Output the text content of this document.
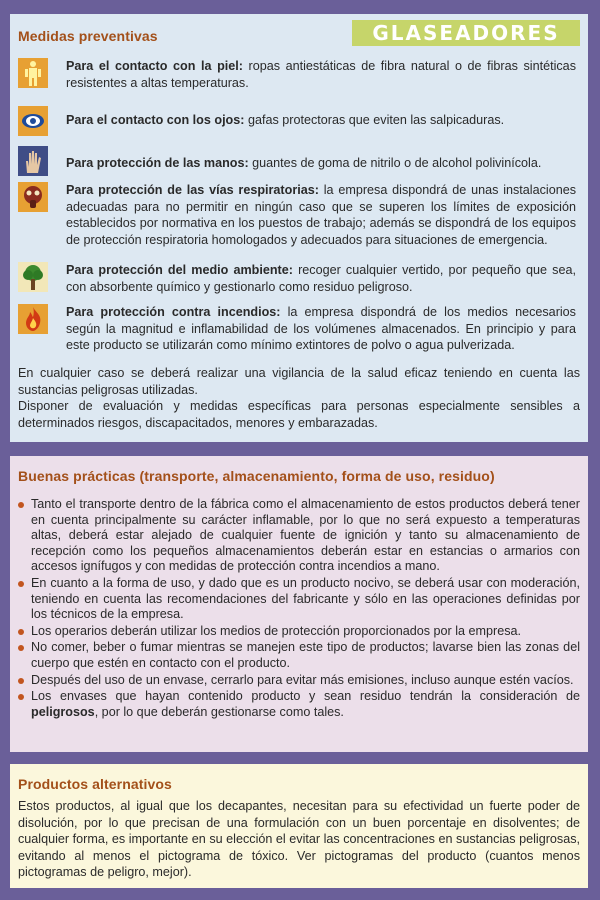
Medidas preventivas	GLASEADORES
Para el contacto con la piel: ropas antiestáticas de fibra natural o de fibras sintéticas resistentes a altas temperaturas.
Para el contacto con los ojos: gafas protectoras que eviten las salpicaduras.
Para protección de las manos: guantes de goma de nitrilo o de alcohol polivinícola.
Para protección de las vías respiratorias: la empresa dispondrá de unas instalaciones adecuadas para no permitir en ningún caso que se superen los límites de exposición establecidos por normativa en los puestos de trabajo; además se dispondrá de los equipos de protección respiratoria homologados y adecuados para situaciones de emergencia.
Para protección del medio ambiente: recoger cualquier vertido, por pequeño que sea, con absorbente químico y gestionarlo como residuo peligroso.
Para protección contra incendios: la empresa dispondrá de los medios necesarios según la magnitud e inflamabilidad de los volúmenes almacenados. En principio y para este producto se utilizarán como mínimo extintores de polvo o agua pulverizada.
En cualquier caso se deberá realizar una vigilancia de la salud eficaz teniendo en cuenta las sustancias peligrosas utilizadas.
Disponer de evaluación y medidas específicas para personas especialmente sensibles a determinados riesgos, discapacitados, menores y embarazadas.
Buenas prácticas (transporte, almacenamiento, forma de uso, residuo)
Tanto el transporte dentro de la fábrica como el almacenamiento de estos productos deberá tener en cuenta principalmente su carácter inflamable, por lo que no será expuesto a temperaturas altas, deberá estar alejado de cualquier fuente de ignición y tanto su almacenamiento de recepción como los pequeños almacenamientos deberán estar en estancias o armarios con accesos ignífugos y con medidas de protección contra incendios a mano.
En cuanto a la forma de uso, y dado que es un producto nocivo, se deberá usar con moderación, teniendo en cuenta las recomendaciones del fabricante y sólo en las operaciones definidas por los técnicos de la empresa.
Los operarios deberán utilizar los medios de protección proporcionados por la empresa.
No comer, beber o fumar mientras se manejen este tipo de productos; lavarse bien las zonas del cuerpo que estén en contacto con el producto.
Después del uso de un envase, cerrarlo para evitar más emisiones, incluso aunque estén vacíos.
Los envases que hayan contenido producto y sean residuo tendrán la consideración de peligrosos, por lo que deberán gestionarse como tales.
Productos alternativos
Estos productos, al igual que los decapantes, necesitan para su efectividad un fuerte poder de disolución, por lo que precisan de una formulación con un buen porcentaje en disolventes; de cualquier forma, es importante en su elección el evitar las concentraciones en sustancias peligrosas, evitando al menos el pictograma de tóxico. Ver pictogramas del producto (cuantos menos pictogramas de peligro, mejor).
